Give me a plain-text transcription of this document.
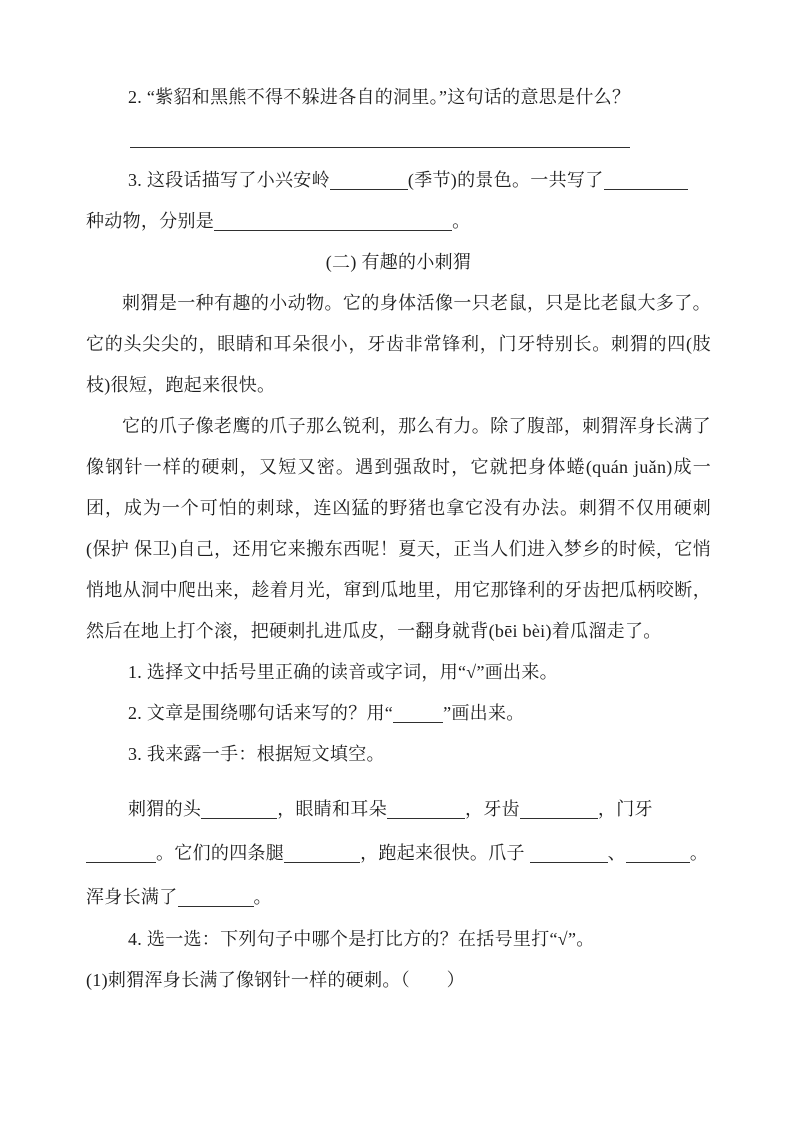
2. “紫貂和黑熊不得不躲进各自的洞里。”这句话的意思是什么？
3. 这段话描写了小兴安岭	(季节)的景色。一共写了
种动物，分别是	。
(二) 有趣的小刺猬

刺猬是一种有趣的小动物。它的身体活像一只老鼠，只是比老鼠大多了。它的头尖尖的，眼睛和耳朵很小，牙齿非常锋利，门牙特别长。刺猬的四(肢 枝)很短，跑起来很快。

它的爪子像老鹰的爪子那么锐利，那么有力。除了腹部，刺猬浑身长满了像钢针一样的硬刺，又短又密。遇到强敌时，它就把身体蜷(quán juǎn)成一团，成为一个可怕的刺球，连凶猛的野猪也拿它没有办法。刺猬不仅用硬刺(保护 保卫)自己，还用它来搬东西呢！夏天，正当人们进入梦乡的时候，它悄悄地从洞中爬出来，趁着月光，窜到瓜地里，用它那锋利的牙齿把瓜柄咬断，然后在地上打个滚，把硬刺扎进瓜皮，一翻身就背(bēi bèi)着瓜溜走了。

1. 选择文中括号里正确的读音或字词，用“√”画出来。
2. 文章是围绕哪句话来写的？用“	”画出来。
3. 我来露一手：根据短文填空。
刺猬的头	，眼睛和耳朵	，牙齿	，门牙
。它们的四条腿	，跑起来很快。爪子	、	。
浑身长满了	。
4. 选一选：下列句子中哪个是打比方的？在括号里打“√”。
(1)刺猬浑身长满了像钢针一样的硬刺。（　　）
